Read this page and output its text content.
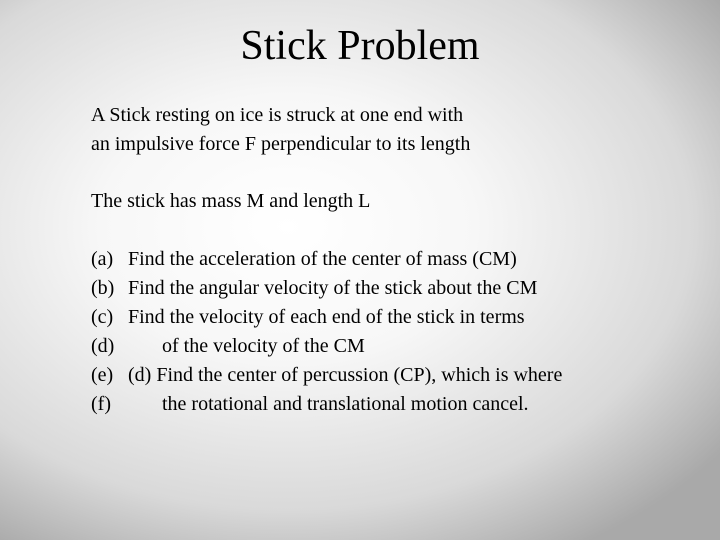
Stick Problem
A Stick resting on ice is struck at one end with
an impulsive force F perpendicular to its length
The stick has mass M and length L
(a) Find the acceleration of the center of mass (CM)
(b) Find the angular velocity of the stick about the CM
(c) Find the velocity of each end of the stick in terms
(d)	of the velocity of the CM
(e) (d) Find the center of percussion (CP), which is where
(f)	the rotational and translational motion cancel.
